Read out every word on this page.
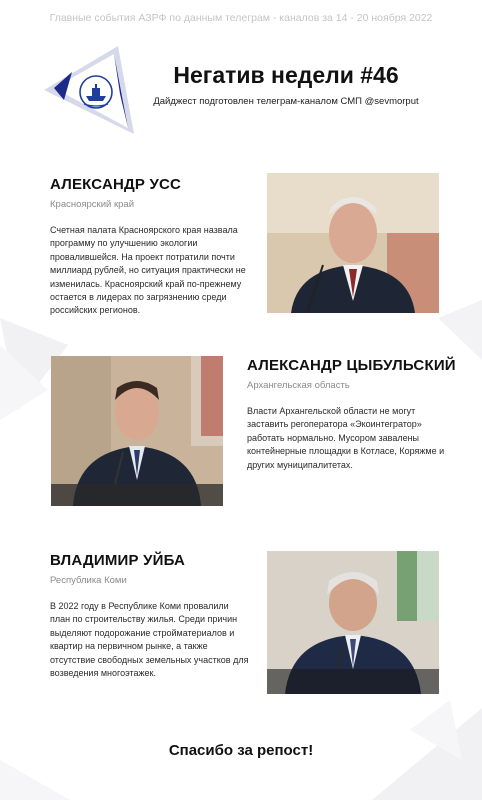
Главные события АЗРФ по данным телеграм - каналов за 14 - 20 ноября 2022
Негатив недели #46
Дайджест подготовлен телеграм-каналом СМП @sevmorput
АЛЕКСАНДР УСС
Красноярский край
Счетная палата Красноярского края назвала программу по улучшению экологии провалившейся. На проект потратили почти миллиард рублей, но ситуация практически не изменилась. Красноярский край по-прежнему остается в лидерах по загрязнению среди российских регионов.
АЛЕКСАНДР ЦЫБУЛЬСКИЙ
Архангельская область
Власти Архангельской области не могут заставить регоператора «Экоинтегратор» работать нормально. Мусором завалены контейнерные площадки в Котласе, Коряжме и других муниципалитетах.
ВЛАДИМИР УЙБА
Республика Коми
В 2022 году в Республике Коми провалили план по строительству жилья. Среди причин выделяют подорожание стройматериалов и квартир на первичном рынке, а также отсутствие свободных земельных участков для возведения многоэтажек.
Спасибо за репост!
